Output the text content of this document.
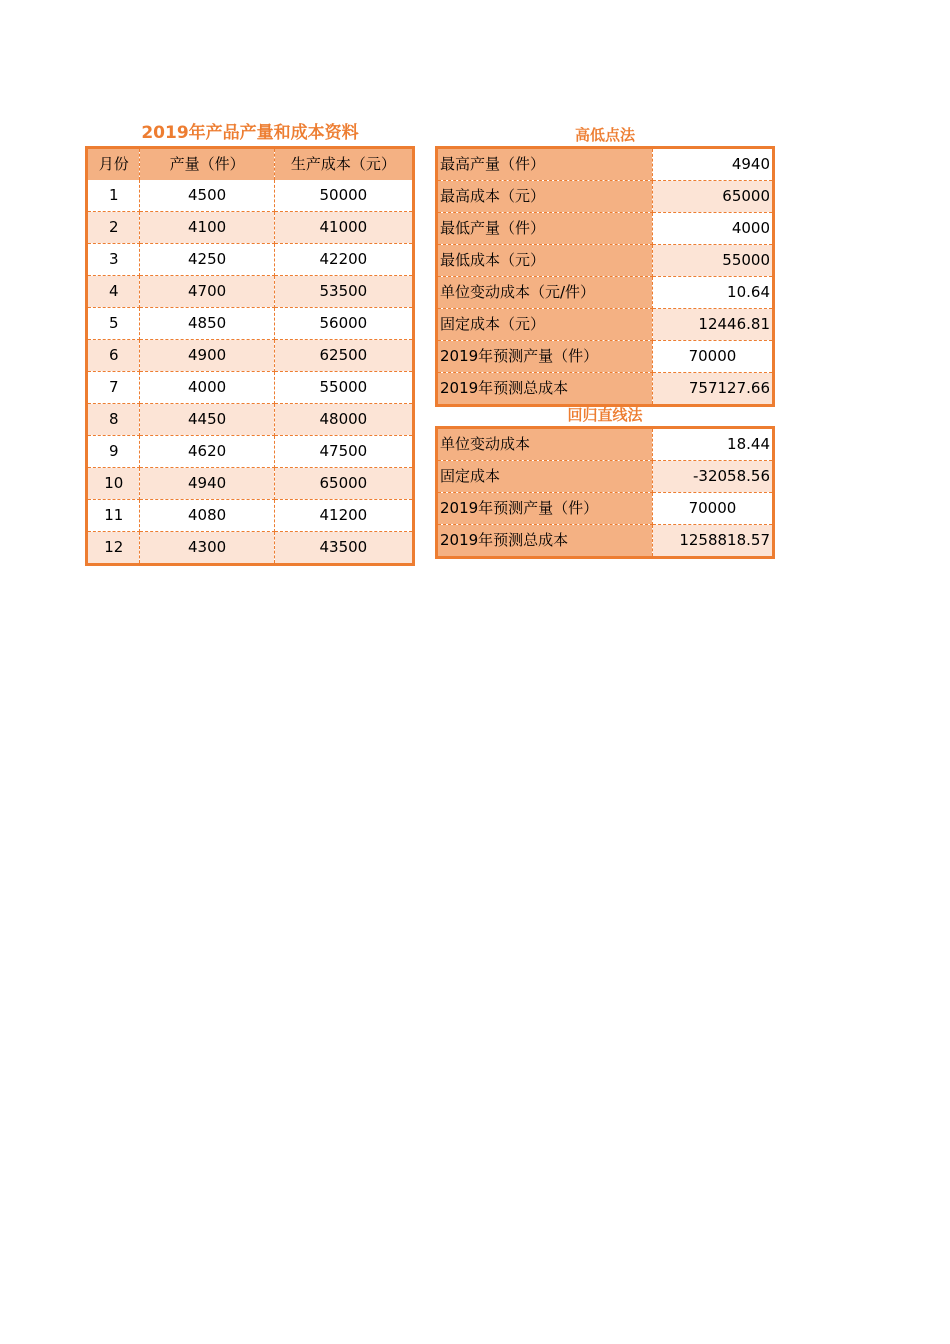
2019年产品产量和成本资料	高低点法
回归直线法
月份	产量（件）	生产成本（元）
1	4500	50000
2	4100	41000
3	4250	42200
4	4700	53500
5	4850	56000
6	4900	62500
7	4000	55000
8	4450	48000
9	4620	47500
10	4940	65000
11	4080	41200
12	4300	43500
最高产量（件）	4940
最高成本（元）	65000
最低产量（件）	4000
最低成本（元）	55000
单位变动成本（元/件）	10.64
固定成本（元）	12446.81
2019年预测产量（件）	70000
2019年预测总成本	757127.66
单位变动成本	18.44
固定成本	-32058.56
2019年预测产量（件）	70000
2019年预测总成本	1258818.57
